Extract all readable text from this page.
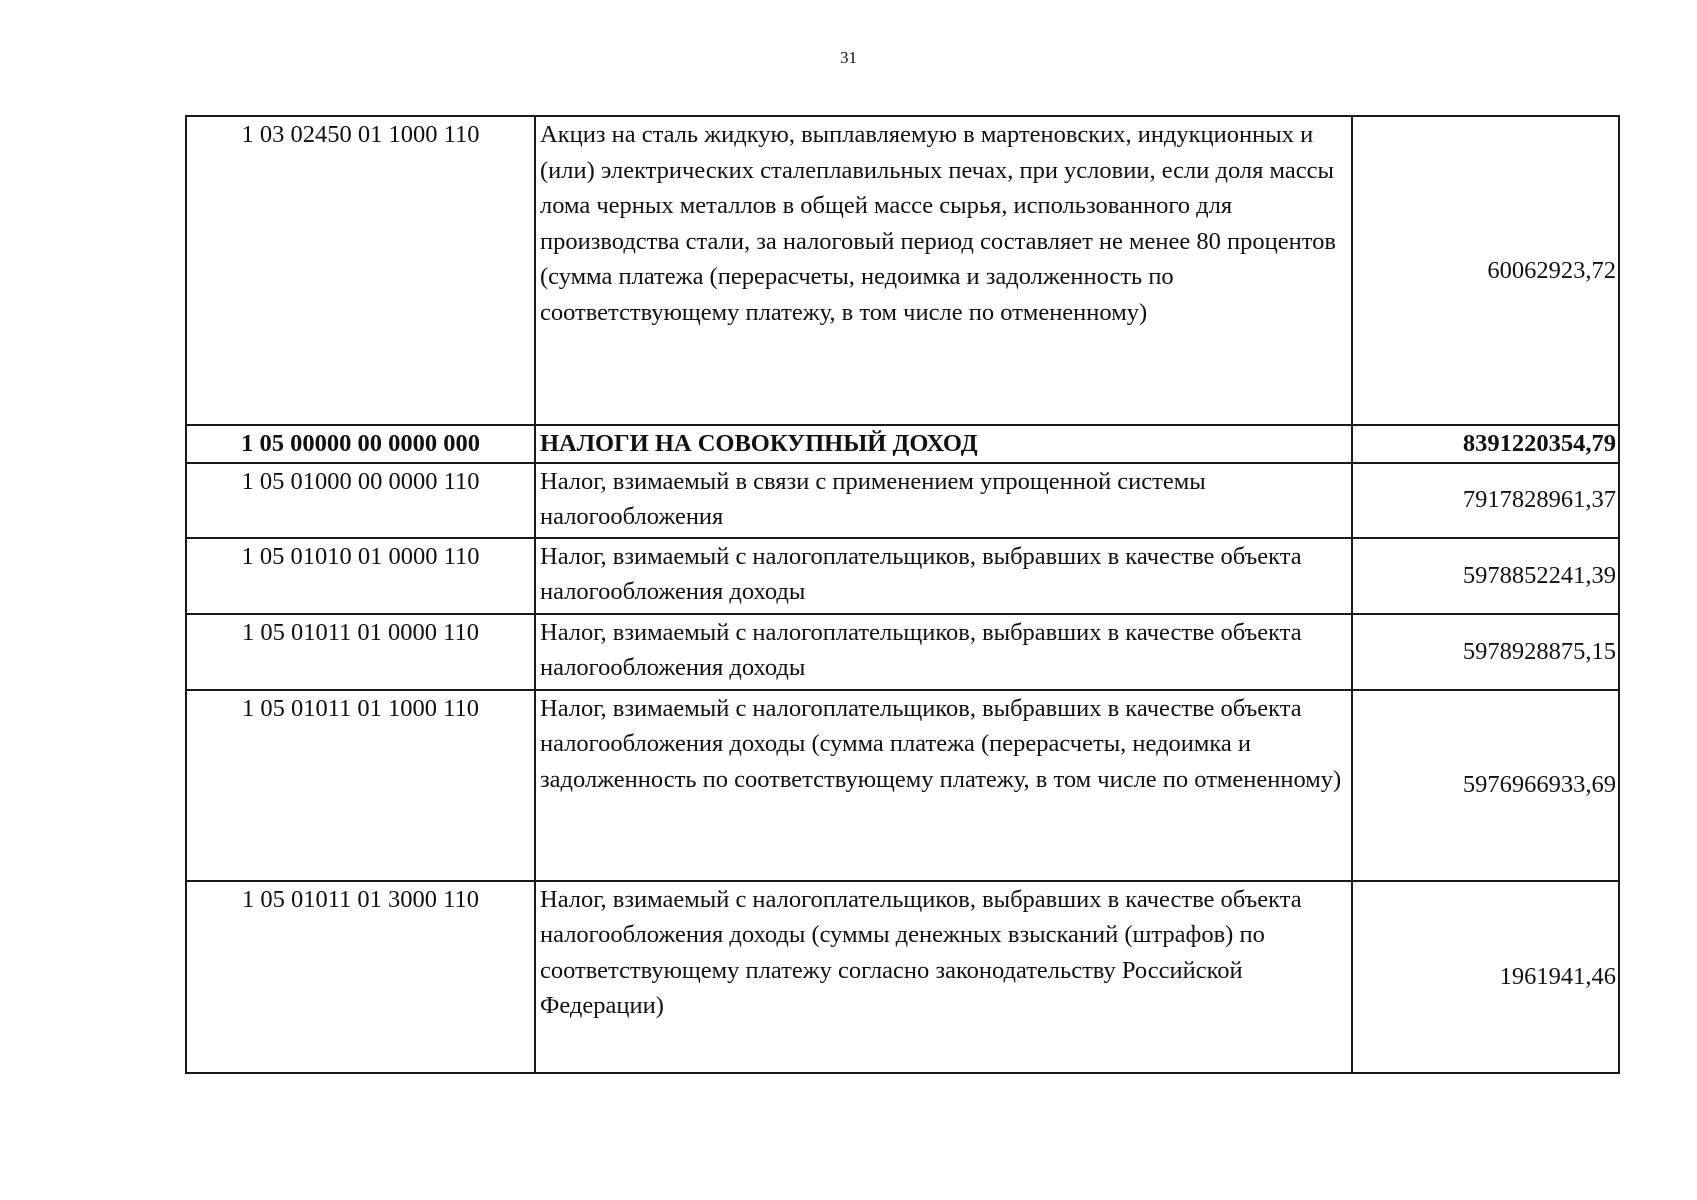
31
1 03 02450 01 1000 110	Акциз на сталь жидкую, выплавляемую в мартеновских, индукционных и (или) электрических сталеплавильных печах, при условии, если доля массы лома черных металлов в общей массе сырья, использованного для производства стали, за налоговый период составляет не менее 80 процентов (сумма платежа (перерасчеты, недоимка и задолженность по соответствующему платежу, в том числе по отмененному)	60062923,72
1 05 00000 00 0000 000	НАЛОГИ НА СОВОКУПНЫЙ ДОХОД	8391220354,79
1 05 01000 00 0000 110	Налог, взимаемый в связи с применением упрощенной системы налогообложения	7917828961,37
1 05 01010 01 0000 110	Налог, взимаемый с налогоплательщиков, выбравших в качестве объекта налогообложения доходы	5978852241,39
1 05 01011 01 0000 110	Налог, взимаемый с налогоплательщиков, выбравших в качестве объекта налогообложения доходы	5978928875,15
1 05 01011 01 1000 110	Налог, взимаемый с налогоплательщиков, выбравших в качестве объекта налогообложения доходы (сумма платежа (перерасчеты, недоимка и задолженность по соответствующему платежу, в том числе по отмененному)	5976966933,69
1 05 01011 01 3000 110	Налог, взимаемый с налогоплательщиков, выбравших в качестве объекта налогообложения доходы (суммы денежных взысканий (штрафов) по соответствующему платежу согласно законодательству Российской Федерации)	1961941,46
